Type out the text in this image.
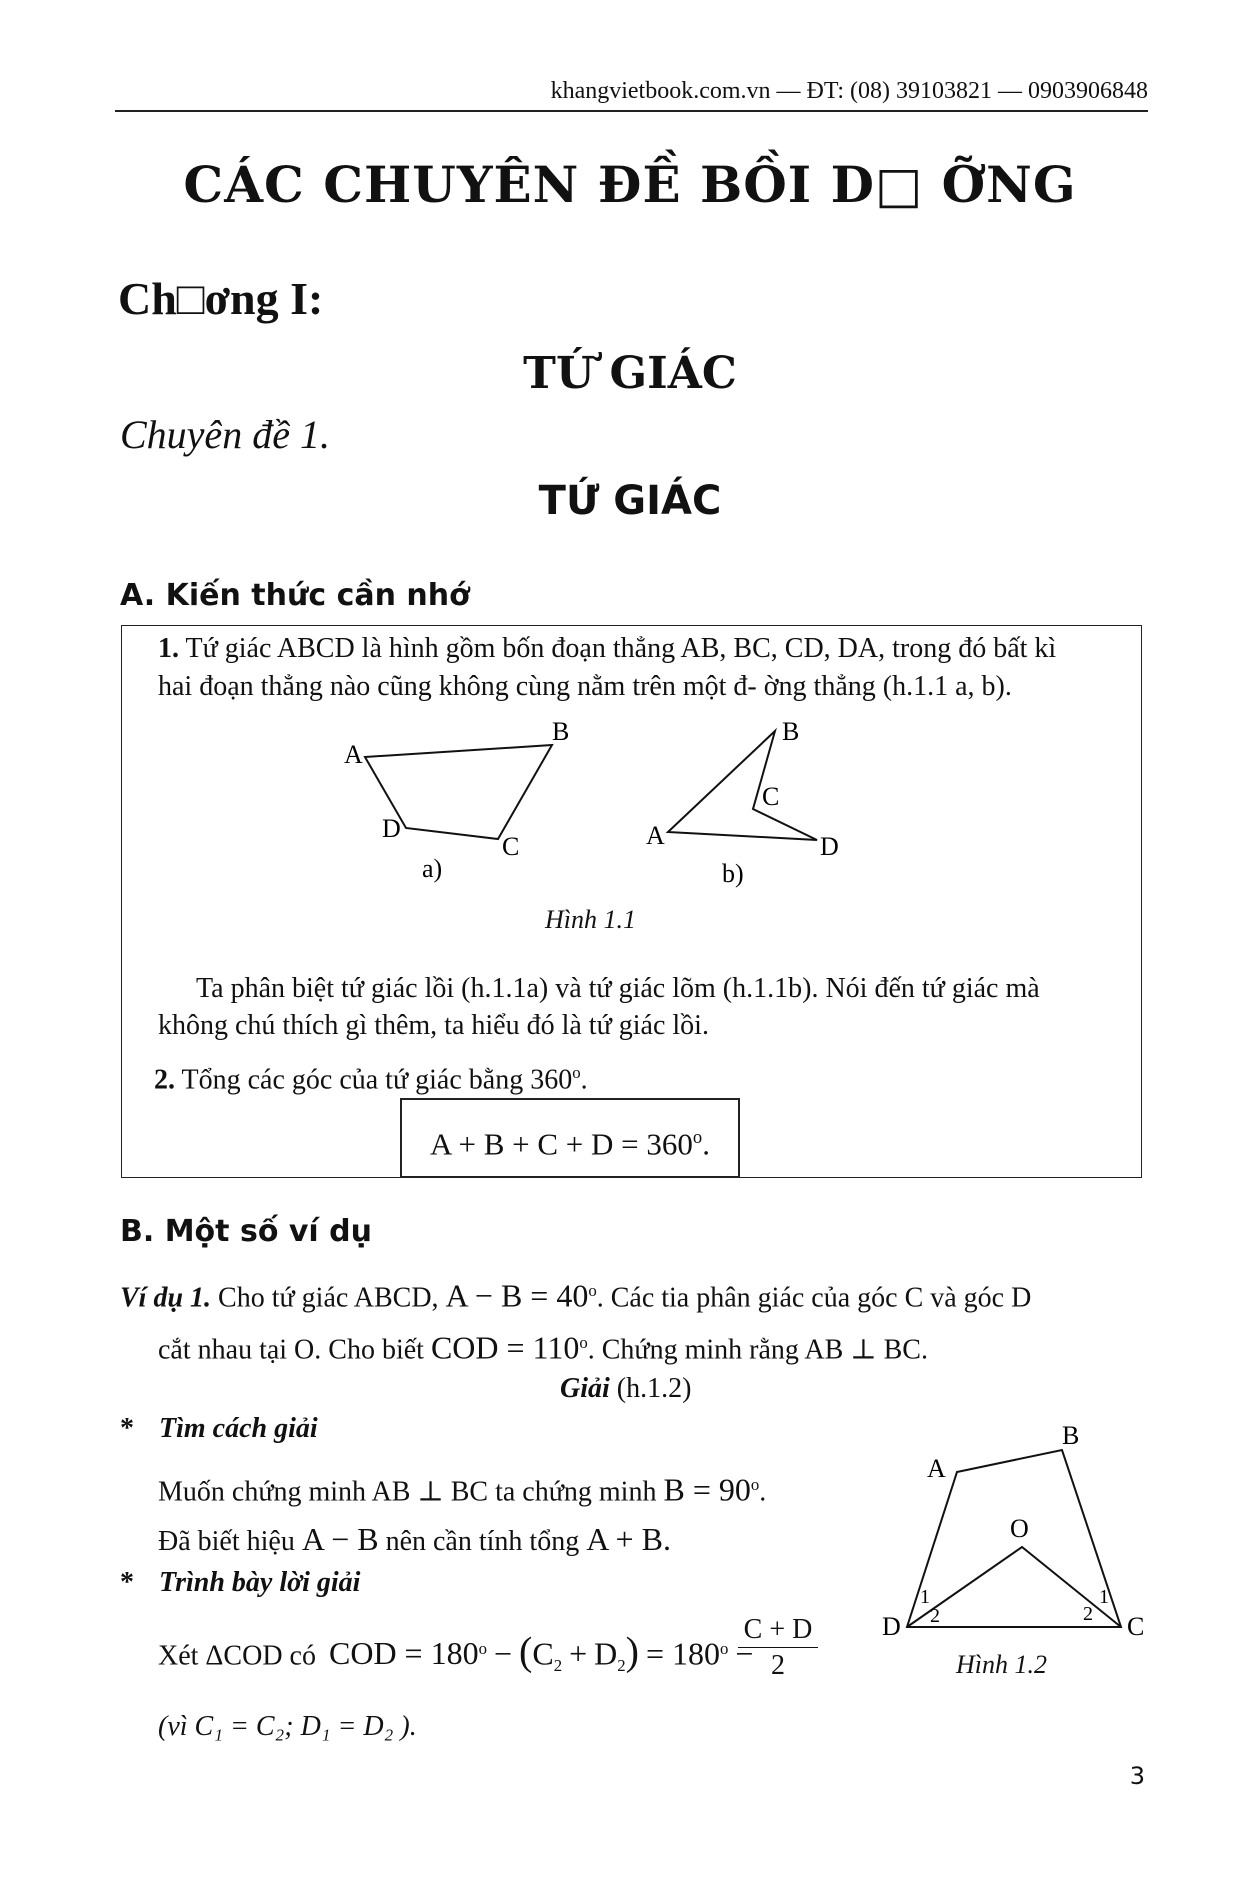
khangvietbook.com.vn — ĐT: (08) 39103821 — 0903906848
CÁC CHUYÊN ĐỀ BỒI D□ ỠNG
Ch□ơng I:
TỨ GIÁC
Chuyên đề 1.
TỨ GIÁC
A. Kiến thức cần nhớ
1. Tứ giác ABCD là hình gồm bốn đoạn thẳng AB, BC, CD, DA, trong đó bất kì
hai đoạn thẳng nào cũng không cùng nằm trên một đ- ờng thẳng (h.1.1 a, b).
A
B
C
D
a)
A
B
C
D
b)
Hình 1.1
Ta phân biệt tứ giác lồi (h.1.1a) và tứ giác lõm (h.1.1b). Nói đến tứ giác mà
không chú thích gì thêm, ta hiểu đó là tứ giác lồi.
2. Tổng các góc của tứ giác bằng 360$^o$.
$A + B + C + D = 360^o$.
B. Một số ví dụ
Ví dụ 1. Cho tứ giác ABCD, $A - B = 40^o$. Các tia phân giác của góc C và góc D
cắt nhau tại O. Cho biết COD = $110^o$. Chứng minh rằng AB ⊥ BC.
Giải (h.1.2)
* Tìm cách giải
Muốn chứng minh AB ⊥ BC ta chứng minh $B = 90^o$.
Đã biết hiệu A − B nên cần tính tổng A + B.
* Trình bày lời giải
Xét ΔCOD có COD = $180^o - (C_2 + D_2) = 180^o$ −
$\frac{C + D}{2}$
(vì C₁ = C₂; D₁ = D₂ ).
A
B
C
D
O
1
2
1
2
Hình 1.2
3
